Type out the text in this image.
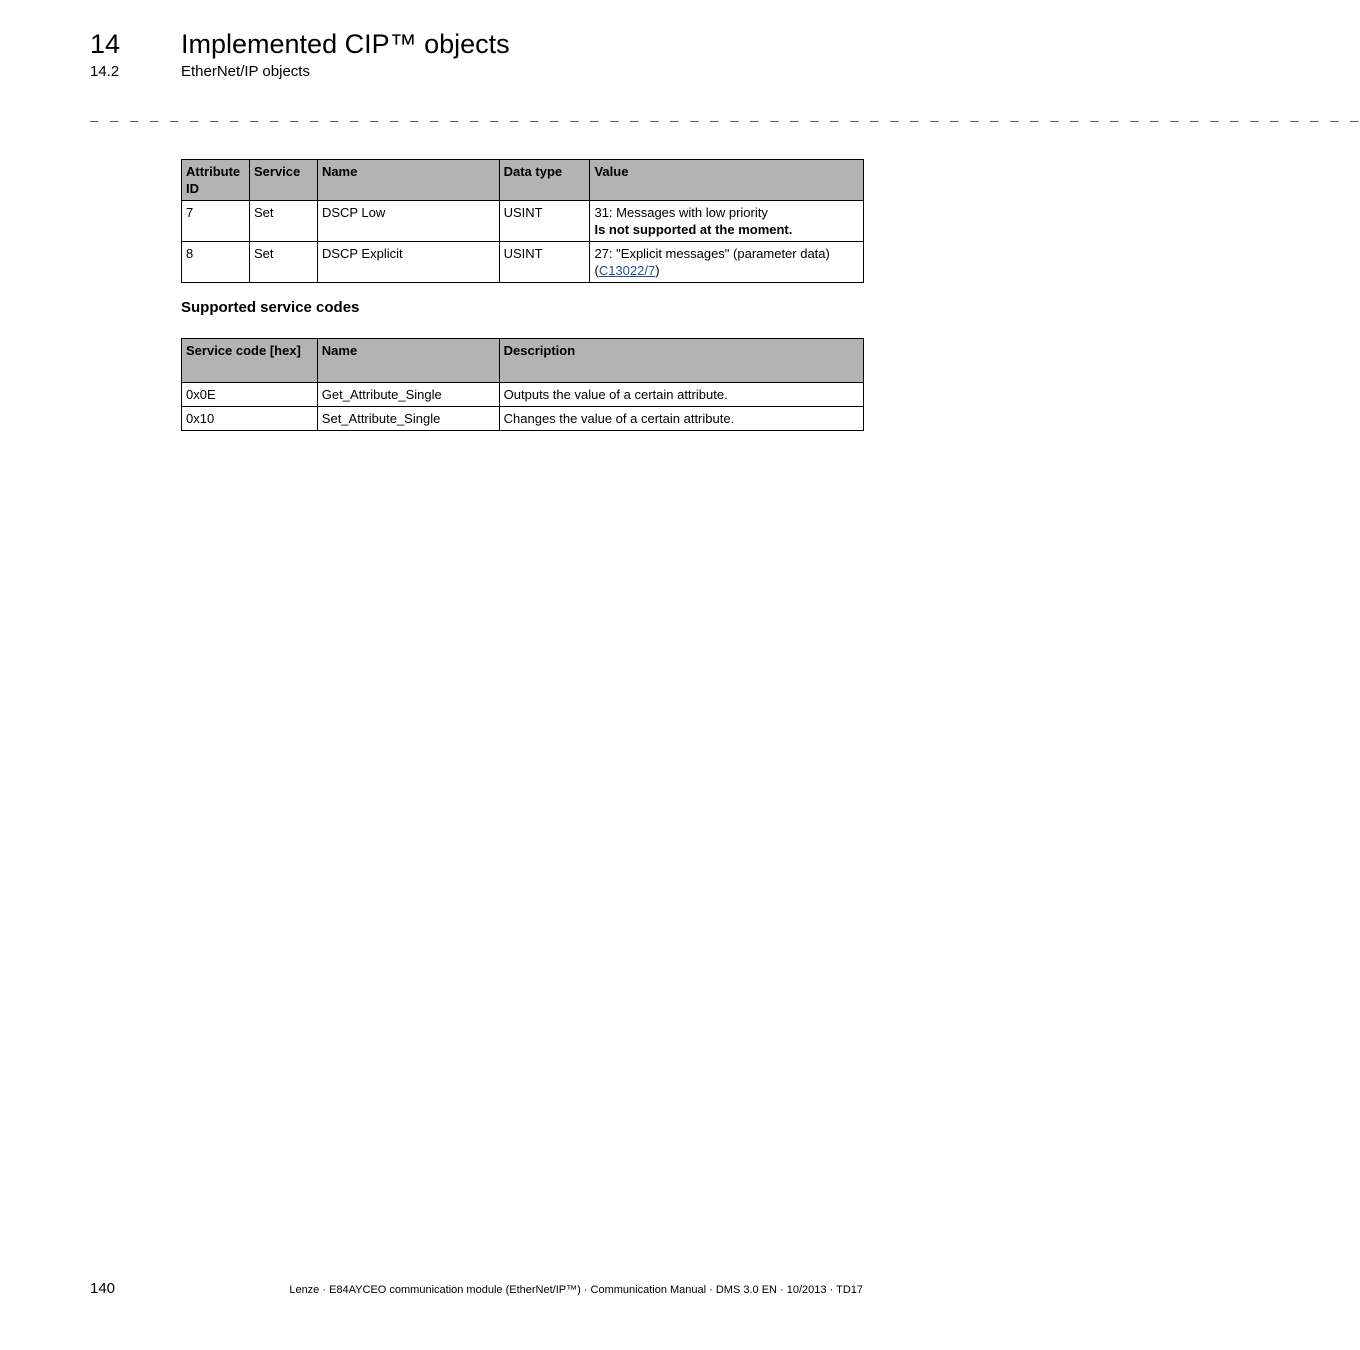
14 Implemented CIP™ objects
14.2	EtherNet/IP objects
_ _ _ _ _ _ _ _ _ _ _ _ _ _ _ _ _ _ _ _ _ _ _ _ _ _ _ _ _ _ _ _ _ _ _ _ _ _ _ _ _ _ _ _ _ _ _ _ _ _ _ _ _ _ _ _ _ _ _ _ _ _ _ _
Attribute ID	Service	Name	Data type	Value
7	Set	DSCP Low	USINT	31: Messages with low priority
Is not supported at the moment.

8	Set	DSCP Explicit	USINT	27: "Explicit messages" (parameter data)
(C13022/7)
Supported service codes
Service code [hex]	Name	Description
0x0E	Get_Attribute_Single	Outputs the value of a certain attribute.
0x10	Set_Attribute_Single	Changes the value of a certain attribute.
140	Lenze · E84AYCEO communication module (EtherNet/IP™) · Communication Manual · DMS 3.0 EN · 10/2013 · TD17
